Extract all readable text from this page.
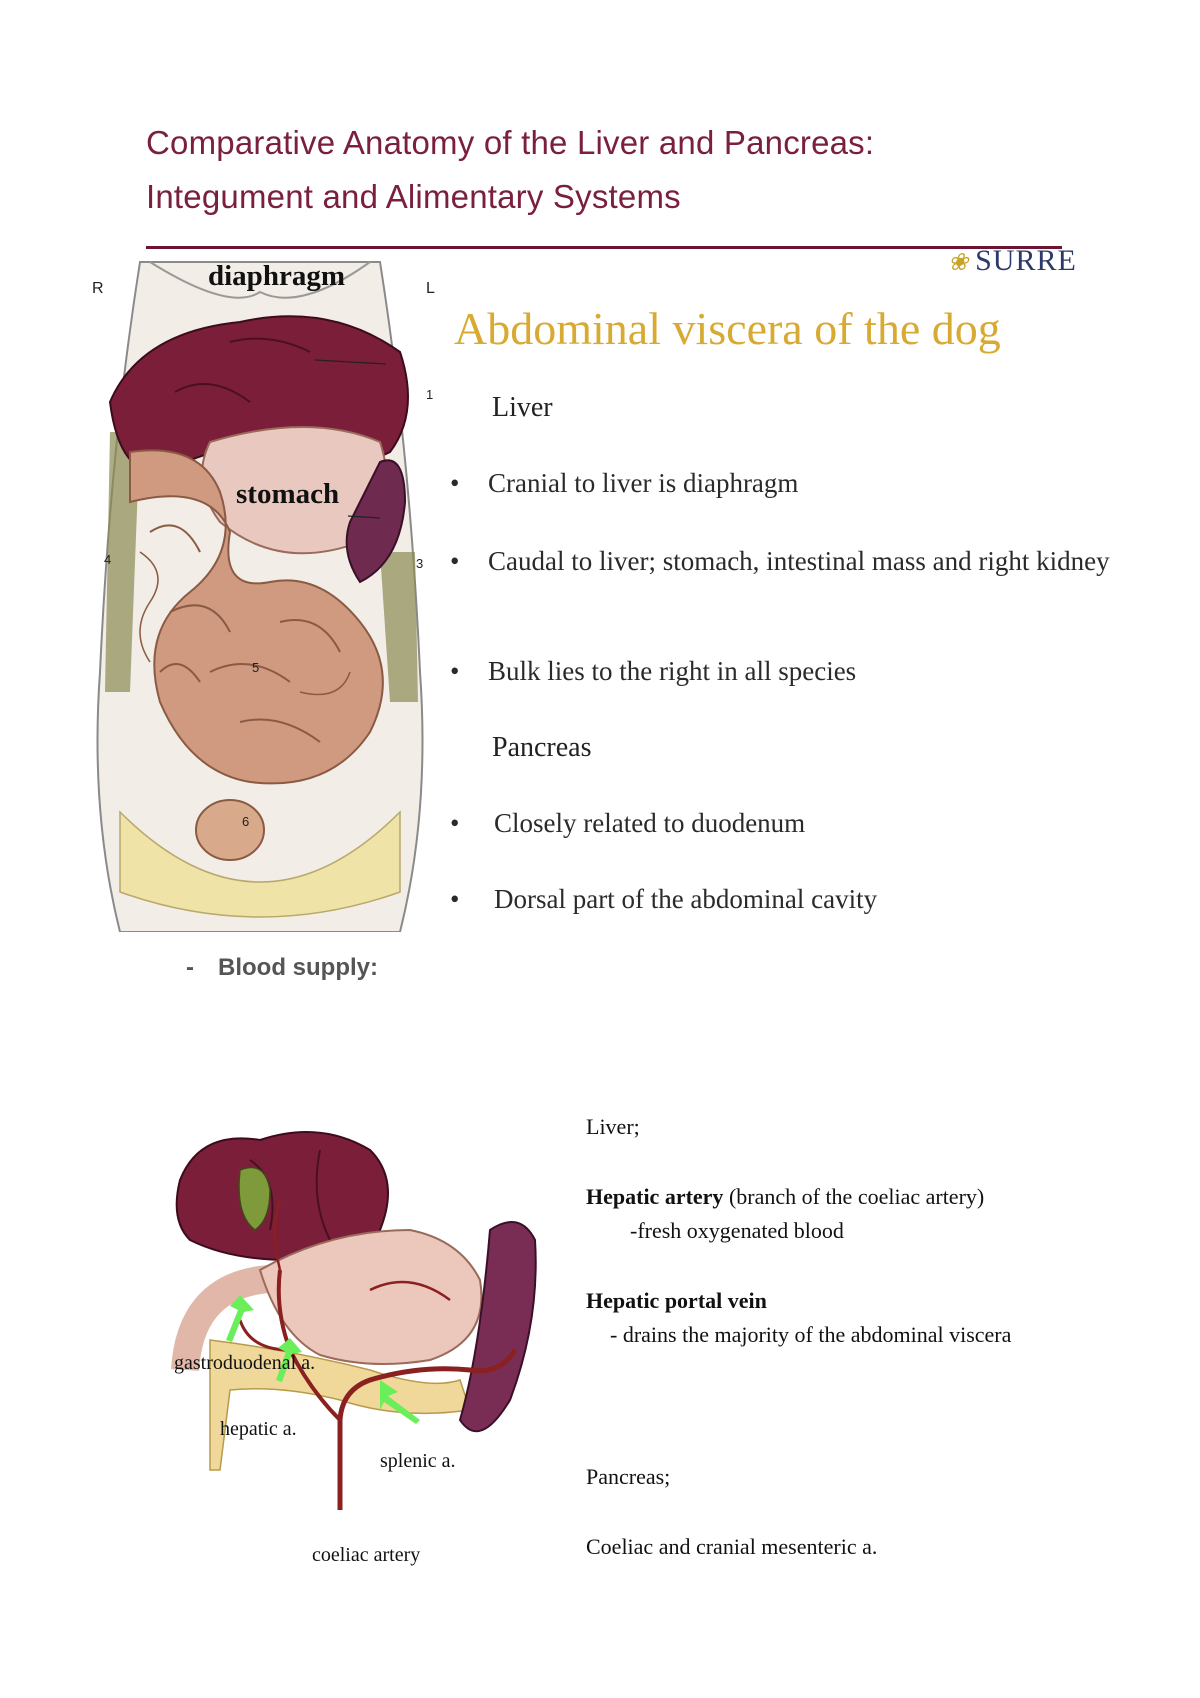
Comparative Anatomy of the Liver and Pancreas:
Integument and Alimentary Systems
❀ SURRE
R	L
diaphragm
stomach
1
3
4
5
6
Abdominal viscera of the dog
Liver
• Cranial to liver is diaphragm
• Caudal to liver; stomach, intestinal mass and right kidney
• Bulk lies to the right in all species
Pancreas
• Closely related to duodenum
• Dorsal part of the abdominal cavity
- Blood supply:
gastroduodenal a.
hepatic a.
splenic a.
coeliac artery
Liver;
Hepatic artery (branch of the coeliac artery)
-fresh oxygenated blood
Hepatic portal vein
- drains the majority of the abdominal viscera
Pancreas;
Coeliac and cranial mesenteric a.
